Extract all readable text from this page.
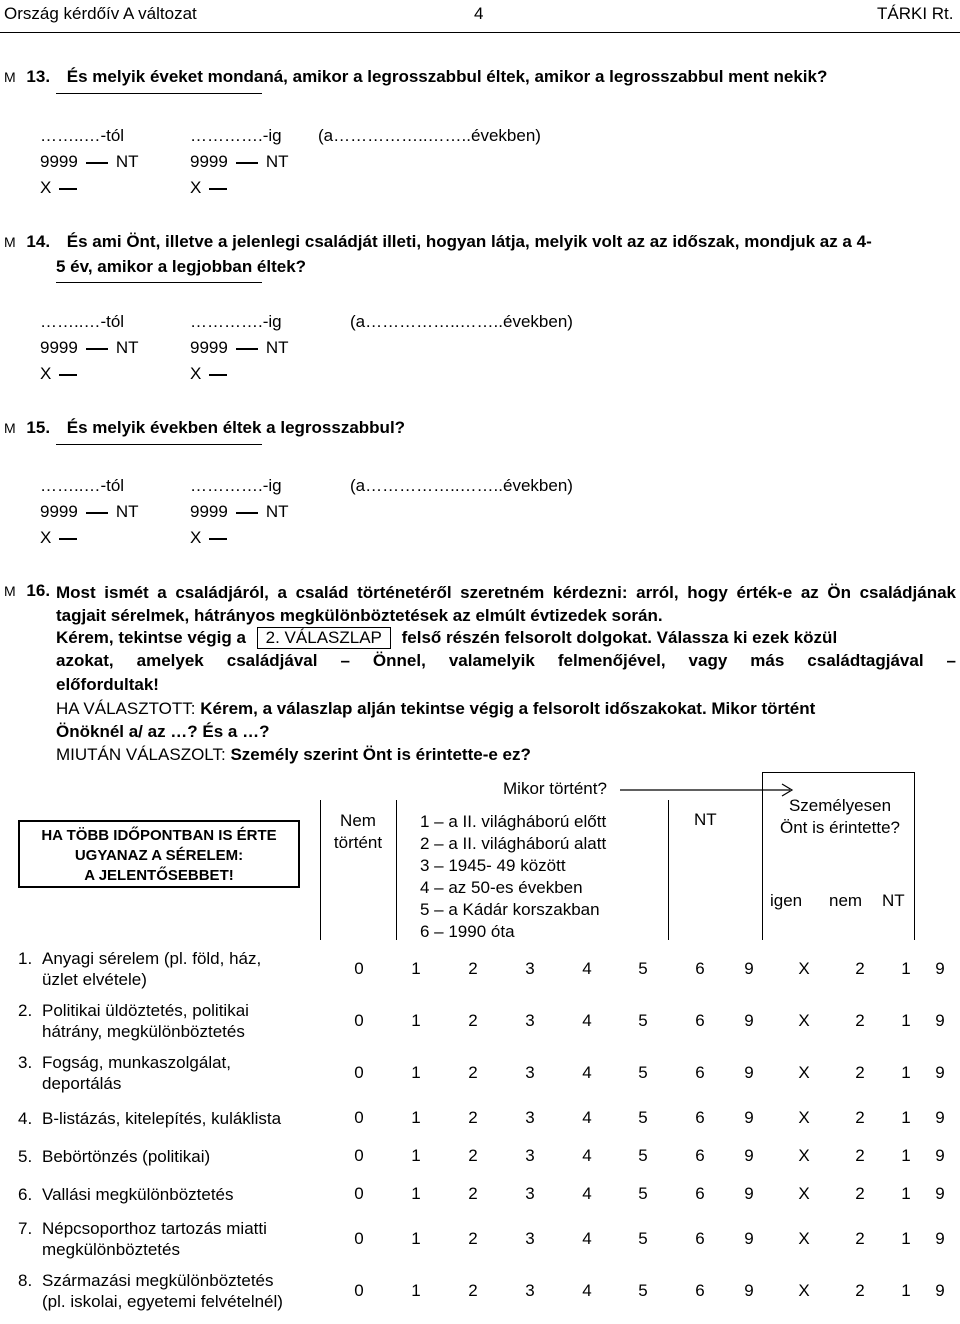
Ország kérdőív A változat	4	TÁRKI Rt.
M 13. És melyik éveket mondaná, amikor a legrosszabbul éltek, amikor a legrosszabbul ment nekik?
……..…-tól	………….-ig (a……………..……..években)
9999 NT	9999 NT
X	X
M 14. És ami Önt, illetve a jelenlegi családját illeti, hogyan látja, melyik volt az az időszak, mondjuk az a 4-
5 év, amikor a legjobban éltek?
……..…-tól	………….-ig	(a……………..……..években)
9999 NT	9999 NT
X	X
M 15. És melyik években éltek a legrosszabbul?
……..…-tól	………….-ig	(a……………..……..években)
9999 NT	9999 NT
X	X
M 16. Most ismét a családjáról, a család történetéről szeretném kérdezni: arról, hogy érték-e az Ön családjának tagjait sérelmek, hátrányos megkülönböztetések az elmúlt évtizedek során.
Kérem, tekintse végig a 2. VÁLASZLAP felső részén felsorolt dolgokat. Válassza ki ezek közül
azokat, amelyek családjával – Önnel, valamelyik felmenőjével, vagy más családtagjával –
előfordultak!
HA VÁLASZTOTT: Kérem, a válaszlap alján tekintse végig a felsorolt időszakokat. Mikor történt
Önöknél a/ az …? És a …?
MIUTÁN VÁLASZOLT: Személy szerint Önt is érintette-e ez?
HA TÖBB IDŐPONTBAN IS ÉRTE
UGYANAZ A SÉRELEM:
A JELENTŐSEBBET!
Nem
történt
Mikor történt?
1 – a II. világháború előtt
2 – a II. világháború alatt
3 – 1945- 49 között
4 – az 50-es években
5 – a Kádár korszakban
6 – 1990 óta
NT
Személyesen
Önt is érintette?
igen nem NT
1. Anyagi sérelem (pl. föld, ház,
üzlet elvétele)
0	1	2	3	4	5	6	9	X	2	1	9
2. Politikai üldöztetés, politikai
hátrány, megkülönböztetés
0	1	2	3	4	5	6	9	X	2	1	9
3. Fogság, munkaszolgálat,
deportálás
0	1	2	3	4	5	6	9	X	2	1	9
4. B-listázás, kitelepítés, kuláklista	0	1	2	3	4	5	6	9	X	2	1	9
5. Bebörtönzés (politikai)	0	1	2	3	4	5	6	9	X	2	1	9
6. Vallási megkülönböztetés	0	1	2	3	4	5	6	9	X	2	1	9
7. Népcsoporthoz tartozás miatti
megkülönböztetés
0	1	2	3	4	5	6	9	X	2	1	9
8. Származási megkülönböztetés
(pl. iskolai, egyetemi felvételnél)
0	1	2	3	4	5	6	9	X	2	1	9
